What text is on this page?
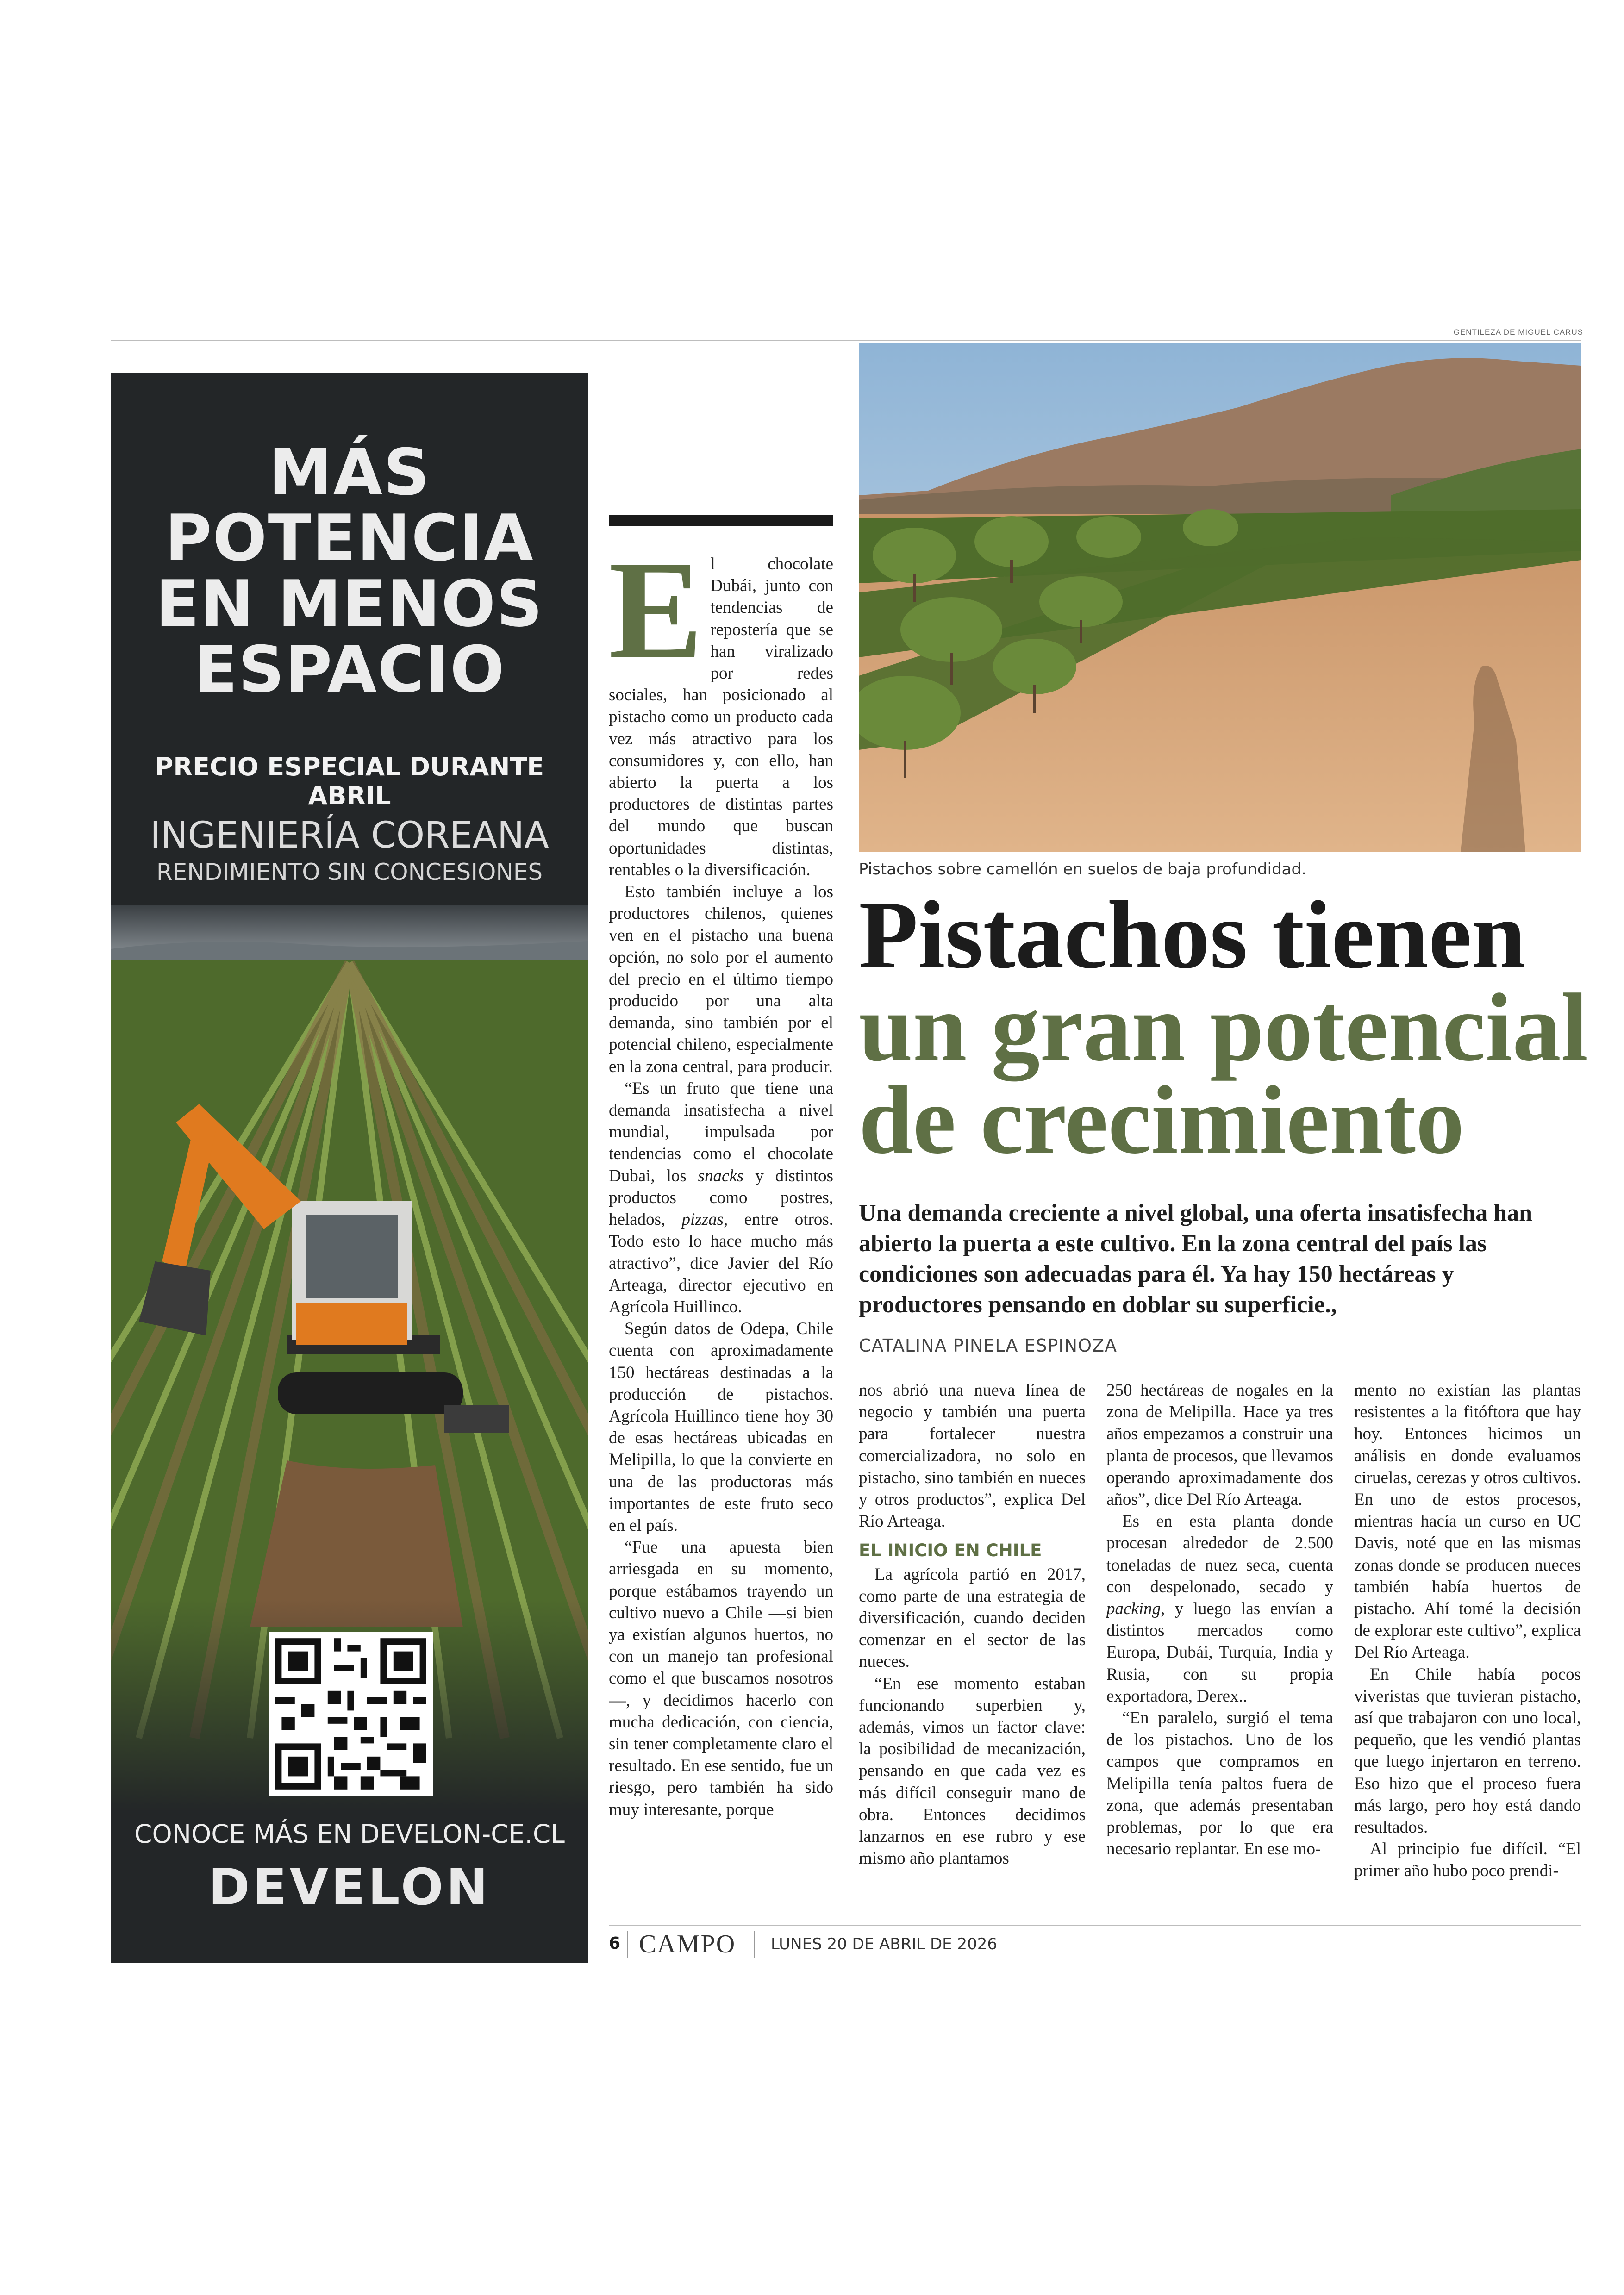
GENTILEZA DE MIGUEL CARUS
MÁS
POTENCIA
EN MENOS
ESPACIO
PRECIO ESPECIAL DURANTE ABRIL
INGENIERÍA COREANA
RENDIMIENTO SIN CONCESIONES
CONOCE MÁS EN DEVELON-CE.CL
DEVELON
Pistachos sobre camellón en suelos de baja profundidad.
Pistachos tienen
un gran potencial
de crecimiento
Una demanda creciente a nivel global, una oferta insatisfecha han abierto la puerta a este cultivo. En la zona central del país las condiciones son adecuadas para él. Ya hay 150 hectáreas y productores pensando en doblar su superficie.,
CATALINA PINELA ESPINOZA
E l chocolate Dubái, junto con tendencias de repostería que se han viralizado por redes sociales, han posicionado al pistacho como un producto cada vez más atractivo para los consumidores y, con ello, han abierto la puerta a los productores de distintas partes del mundo que buscan oportunidades distintas, rentables o la diversificación.

Esto también incluye a los productores chilenos, quienes ven en el pistacho una buena opción, no solo por el aumento del precio en el último tiempo producido por una alta demanda, sino también por el potencial chileno, especialmente en la zona central, para producir.

“Es un fruto que tiene una demanda insatisfecha a nivel mundial, impulsada por tendencias como el chocolate Dubai, los snacks y distintos productos como postres, helados, pizzas, entre otros. Todo esto lo hace mucho más atractivo”, dice Javier del Río Arteaga, director ejecutivo en Agrícola Huillinco.

Según datos de Odepa, Chile cuenta con aproximadamente 150 hectáreas destinadas a la producción de pistachos. Agrícola Huillinco tiene hoy 30 de esas hectáreas ubicadas en Melipilla, lo que la convierte en una de las productoras más importantes de este fruto seco en el país.

“Fue una apuesta bien arriesgada en su momento, porque estábamos trayendo un cultivo nuevo a Chile —si bien ya existían algunos huertos, no con un manejo tan profesional como el que buscamos nosotros—, y decidimos hacerlo con mucha dedicación, con ciencia, sin tener completamente claro el resultado. En ese sentido, fue un riesgo, pero también ha sido muy interesante, porque

nos abrió una nueva línea de negocio y también una puerta para fortalecer nuestra comercializadora, no solo en pistacho, sino también en nueces y otros productos”, explica Del Río Arteaga.

EL INICIO EN CHILE

La agrícola partió en 2017, como parte de una estrategia de diversificación, cuando deciden comenzar en el sector de las nueces.

“En ese momento estaban funcionando superbien y, además, vimos un factor clave: la posibilidad de mecanización, pensando en que cada vez es más difícil conseguir mano de obra. Entonces decidimos lanzarnos en ese rubro y ese mismo año plantamos

250 hectáreas de nogales en la zona de Melipilla. Hace ya tres años empezamos a construir una planta de procesos, que llevamos operando aproximadamente dos años”, dice Del Río Arteaga.

Es en esta planta donde procesan alrededor de 2.500 toneladas de nuez seca, cuenta con despelonado, secado y packing, y luego las envían a distintos mercados como Europa, Dubái, Turquía, India y Rusia, con su propia exportadora, Derex..

“En paralelo, surgió el tema de los pistachos. Uno de los campos que compramos en Melipilla tenía paltos fuera de zona, que además presentaban problemas, por lo que era necesario replantar. En ese mo-

mento no existían las plantas resistentes a la fitóftora que hay hoy. Entonces hicimos un análisis en donde evaluamos ciruelas, cerezas y otros cultivos. En uno de estos procesos, mientras hacía un curso en UC Davis, noté que en las mismas zonas donde se producen nueces también había huertos de pistacho. Ahí tomé la decisión de explorar este cultivo”, explica Del Río Arteaga.

En Chile había pocos viveristas que tuvieran pistacho, así que trabajaron con uno local, pequeño, que les vendió plantas que luego injertaron en terreno. Eso hizo que el proceso fuera más largo, pero hoy está dando resultados.

Al principio fue difícil. “El primer año hubo poco prendi-

6 CAMPO LUNES 20 DE ABRIL DE 2026
